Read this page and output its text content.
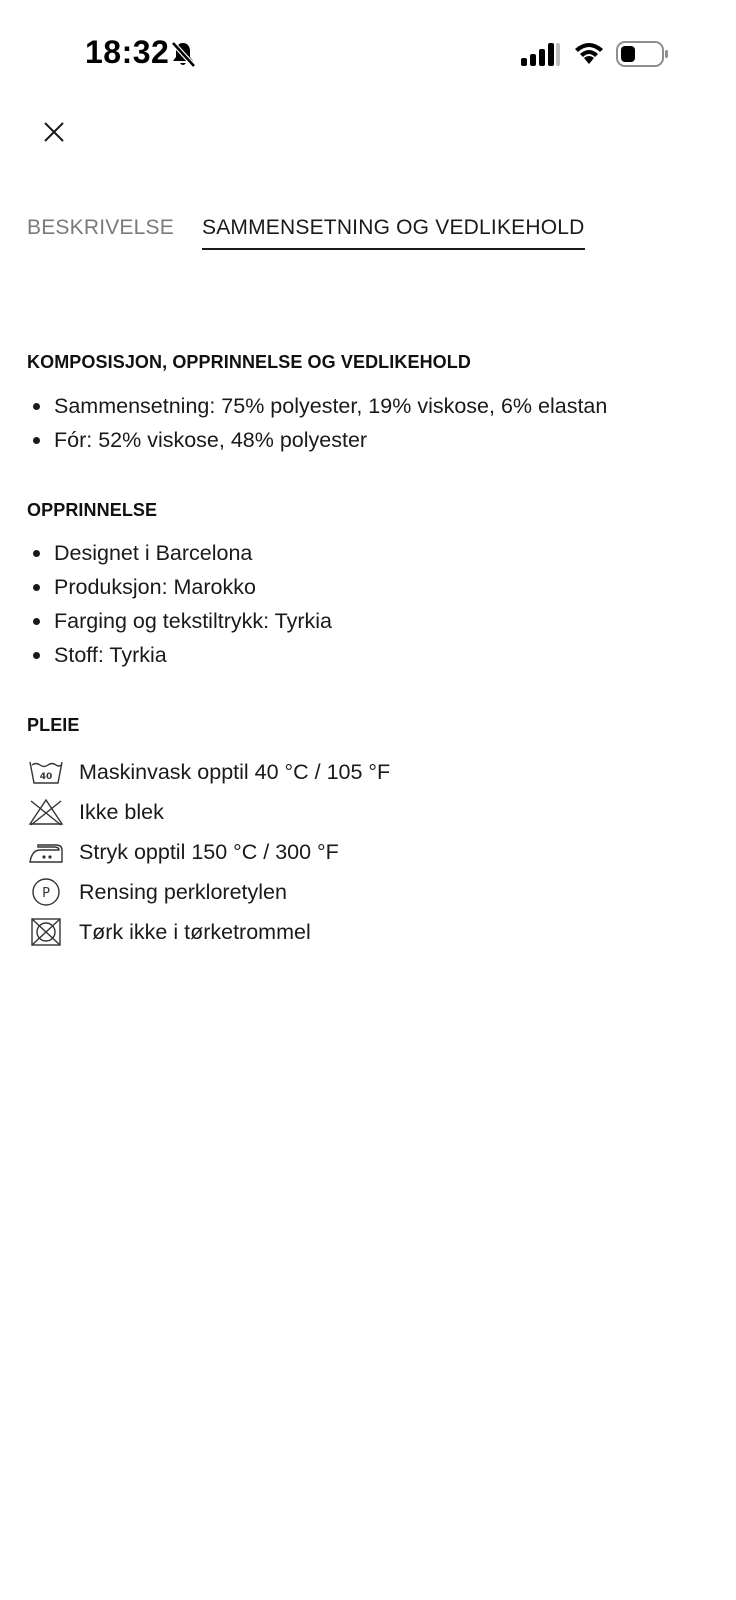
18:32
BESKRIVELSE SAMMENSETNING OG VEDLIKEHOLD
KOMPOSISJON, OPPRINNELSE OG VEDLIKEHOLD
Sammensetning: 75% polyester, 19% viskose, 6% elastan
Fór: 52% viskose, 48% polyester
OPPRINNELSE
Designet i Barcelona
Produksjon: Marokko
Farging og tekstiltrykk: Tyrkia
Stoff: Tyrkia
PLEIE
40 Maskinvask opptil 40 °C / 105 °F
Ikke blek
Stryk opptil 150 °C / 300 °F
P Rensing perkloretylen
Tørk ikke i tørketrommel
